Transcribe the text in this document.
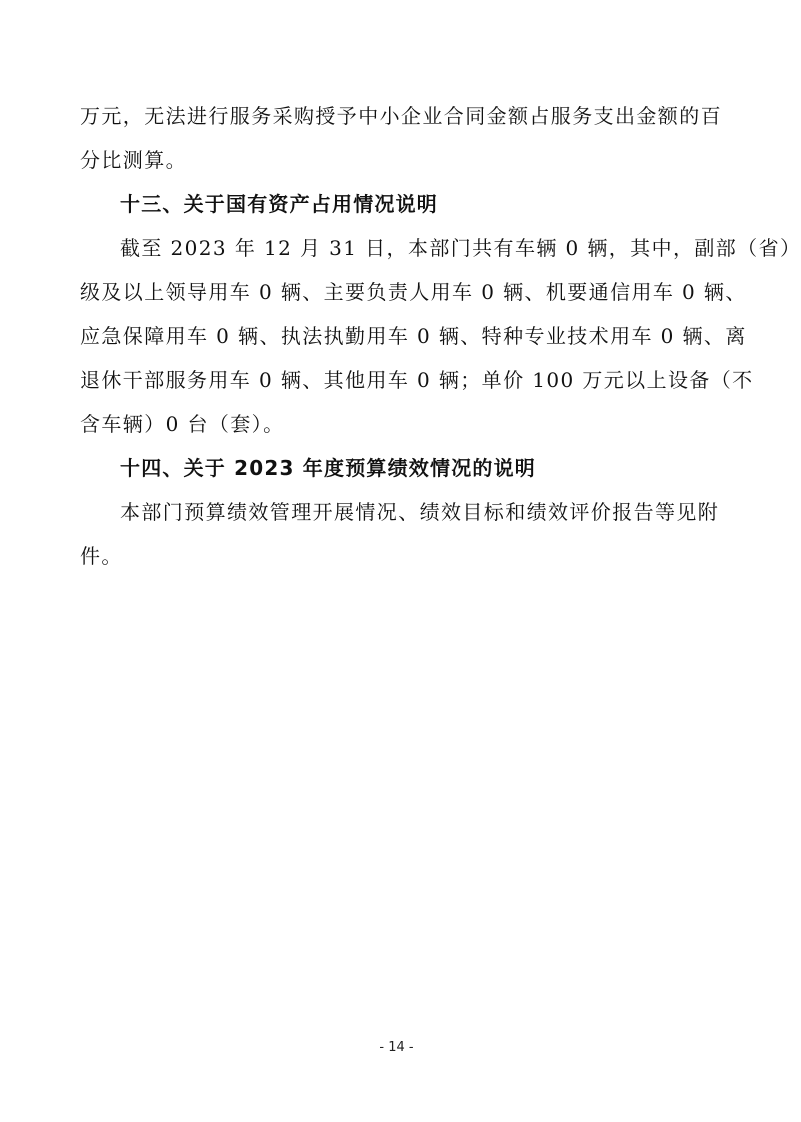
万元，无法进行服务采购授予中小企业合同金额占服务支出金额的百
分比测算。
十三、关于国有资产占用情况说明
截至 2023 年 12 月 31 日，本部门共有车辆 0 辆，其中，副部（省）
级及以上领导用车 0 辆、主要负责人用车 0 辆、机要通信用车 0 辆、
应急保障用车 0 辆、执法执勤用车 0 辆、特种专业技术用车 0 辆、离
退休干部服务用车 0 辆、其他用车 0 辆；单价 100 万元以上设备（不
含车辆）0 台（套）。
十四、关于 2023 年度预算绩效情况的说明
本部门预算绩效管理开展情况、绩效目标和绩效评价报告等见附
件。
- 14 -
